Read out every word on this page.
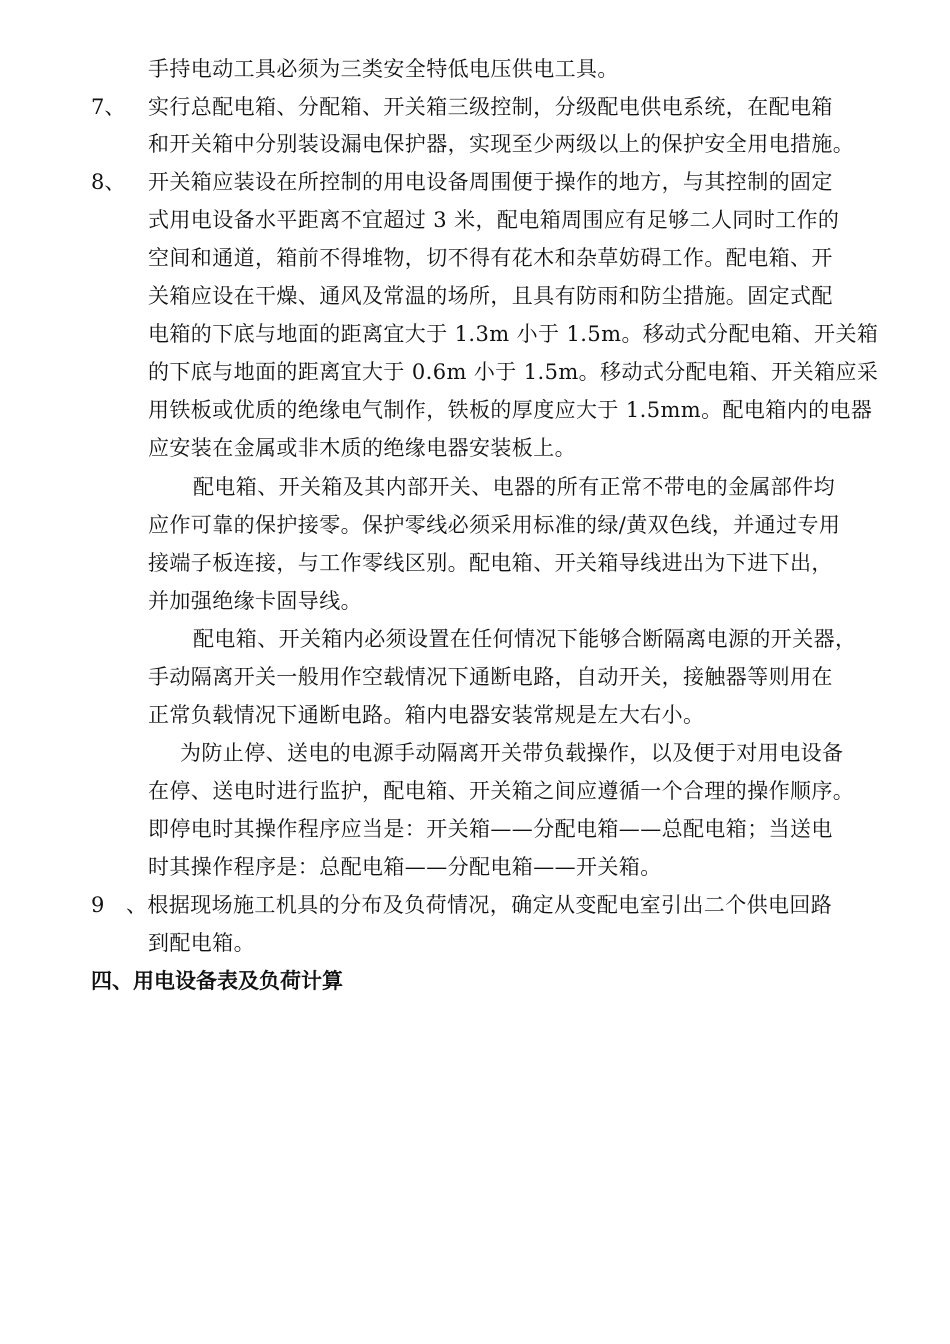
手持电动工具必须为三类安全特低电压供电工具。
7、 实行总配电箱、分配箱、开关箱三级控制，分级配电供电系统，在配电箱
和开关箱中分别装设漏电保护器，实现至少两级以上的保护安全用电措施。
8、 开关箱应装设在所控制的用电设备周围便于操作的地方，与其控制的固定
式用电设备水平距离不宜超过 3 米，配电箱周围应有足够二人同时工作的
空间和通道，箱前不得堆物，切不得有花木和杂草妨碍工作。配电箱、开
关箱应设在干燥、通风及常温的场所，且具有防雨和防尘措施。固定式配
电箱的下底与地面的距离宜大于 1.3m 小于 1.5m。移动式分配电箱、开关箱
的下底与地面的距离宜大于 0.6m 小于 1.5m。移动式分配电箱、开关箱应采
用铁板或优质的绝缘电气制作，铁板的厚度应大于 1.5mm。配电箱内的电器
应安装在金属或非木质的绝缘电器安装板上。
配电箱、开关箱及其内部开关、电器的所有正常不带电的金属部件均
应作可靠的保护接零。保护零线必须采用标准的绿/黄双色线，并通过专用
接端子板连接，与工作零线区别。配电箱、开关箱导线进出为下进下出，
并加强绝缘卡固导线。
配电箱、开关箱内必须设置在任何情况下能够合断隔离电源的开关器，
手动隔离开关一般用作空载情况下通断电路，自动开关，接触器等则用在
正常负载情况下通断电路。箱内电器安装常规是左大右小。
为防止停、送电的电源手动隔离开关带负载操作，以及便于对用电设备
在停、送电时进行监护，配电箱、开关箱之间应遵循一个合理的操作顺序。
即停电时其操作程序应当是：开关箱——分配电箱——总配电箱；当送电
时其操作程序是：总配电箱——分配电箱——开关箱。
9 、根据现场施工机具的分布及负荷情况，确定从变配电室引出二个供电回路
到配电箱。
四、用电设备表及负荷计算
